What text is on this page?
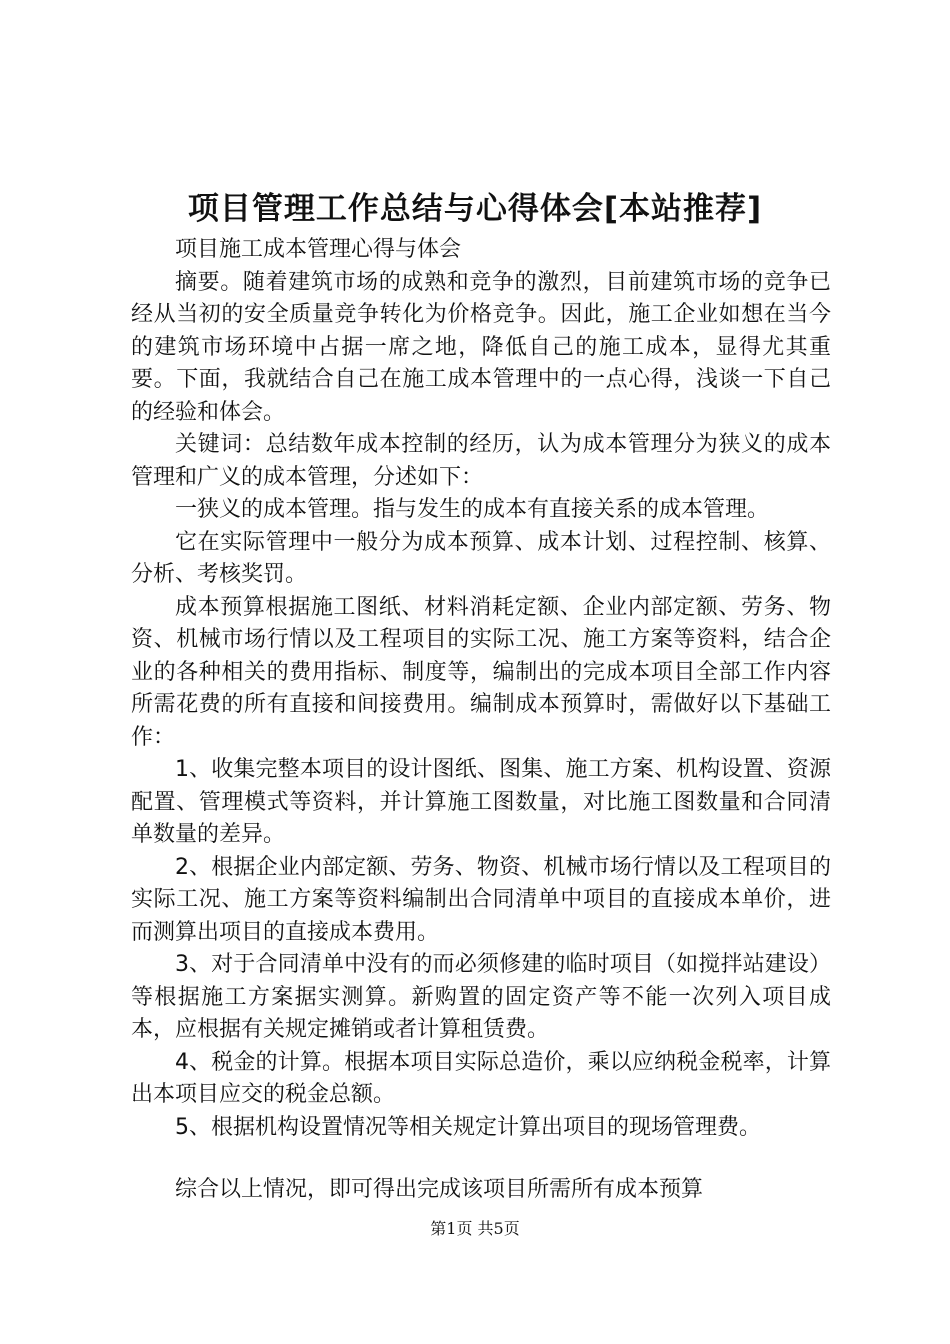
项目管理工作总结与心得体会[本站推荐]

项目施工成本管理心得与体会

摘要。随着建筑市场的成熟和竞争的激烈，目前建筑市场的竞争已经从当初的安全质量竞争转化为价格竞争。因此，施工企业如想在当今的建筑市场环境中占据一席之地，降低自己的施工成本，显得尤其重要。下面，我就结合自己在施工成本管理中的一点心得，浅谈一下自己的经验和体会。

关键词：总结数年成本控制的经历，认为成本管理分为狭义的成本管理和广义的成本管理，分述如下：

一狭义的成本管理。指与发生的成本有直接关系的成本管理。

它在实际管理中一般分为成本预算、成本计划、过程控制、核算、分析、考核奖罚。

成本预算根据施工图纸、材料消耗定额、企业内部定额、劳务、物资、机械市场行情以及工程项目的实际工况、施工方案等资料，结合企业的各种相关的费用指标、制度等，编制出的完成本项目全部工作内容所需花费的所有直接和间接费用。编制成本预算时，需做好以下基础工作：

1、收集完整本项目的设计图纸、图集、施工方案、机构设置、资源配置、管理模式等资料，并计算施工图数量，对比施工图数量和合同清单数量的差异。

2、根据企业内部定额、劳务、物资、机械市场行情以及工程项目的实际工况、施工方案等资料编制出合同清单中项目的直接成本单价，进而测算出项目的直接成本费用。

3、对于合同清单中没有的而必须修建的临时项目（如搅拌站建设）等根据施工方案据实测算。新购置的固定资产等不能一次列入项目成本，应根据有关规定摊销或者计算租赁费。

4、税金的计算。根据本项目实际总造价，乘以应纳税金税率，计算出本项目应交的税金总额。

5、根据机构设置情况等相关规定计算出项目的现场管理费。

综合以上情况，即可得出完成该项目所需所有成本预算

第1页 共5页
